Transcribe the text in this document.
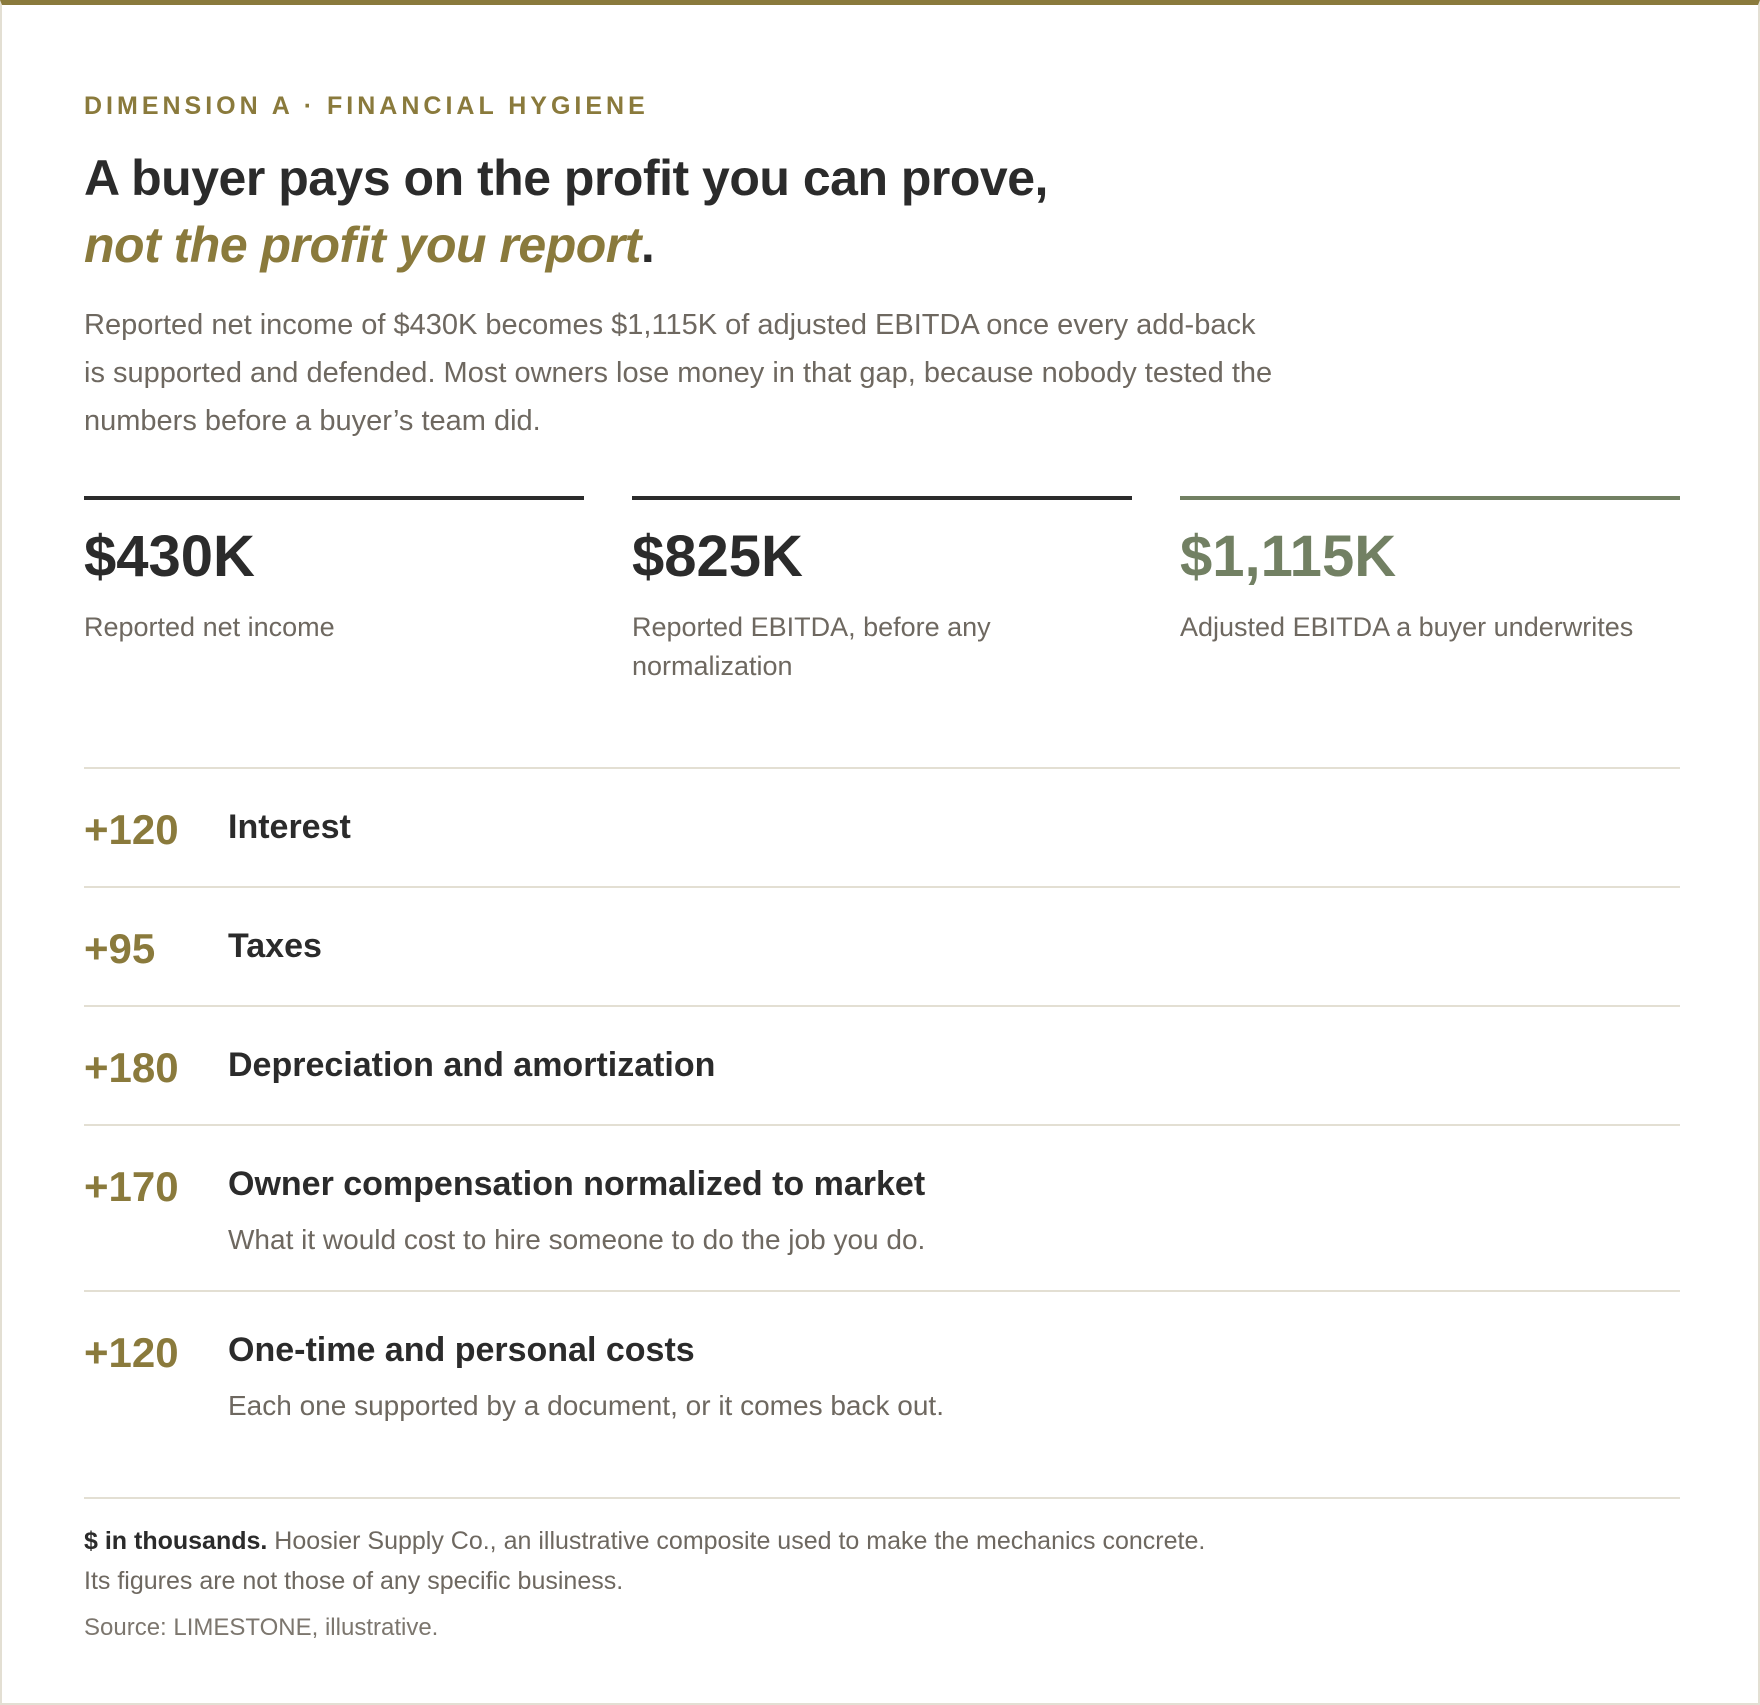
DIMENSION A · FINANCIAL HYGIENE
A buyer pays on the profit you can prove,
not the profit you report.
Reported net income of $430K becomes $1,115K of adjusted EBITDA once every add-back is supported and defended. Most owners lose money in that gap, because nobody tested the numbers before a buyer’s team did.
$430K
Reported net income
$825K
Reported EBITDA, before any normalization
$1,115K
Adjusted EBITDA a buyer underwrites
+120 Interest
+95 Taxes
+180 Depreciation and amortization
+170 Owner compensation normalized to market
What it would cost to hire someone to do the job you do.
+120 One-time and personal costs
Each one supported by a document, or it comes back out.
$ in thousands. Hoosier Supply Co., an illustrative composite used to make the mechanics concrete.
Its figures are not those of any specific business.
Source: LIMESTONE, illustrative.
